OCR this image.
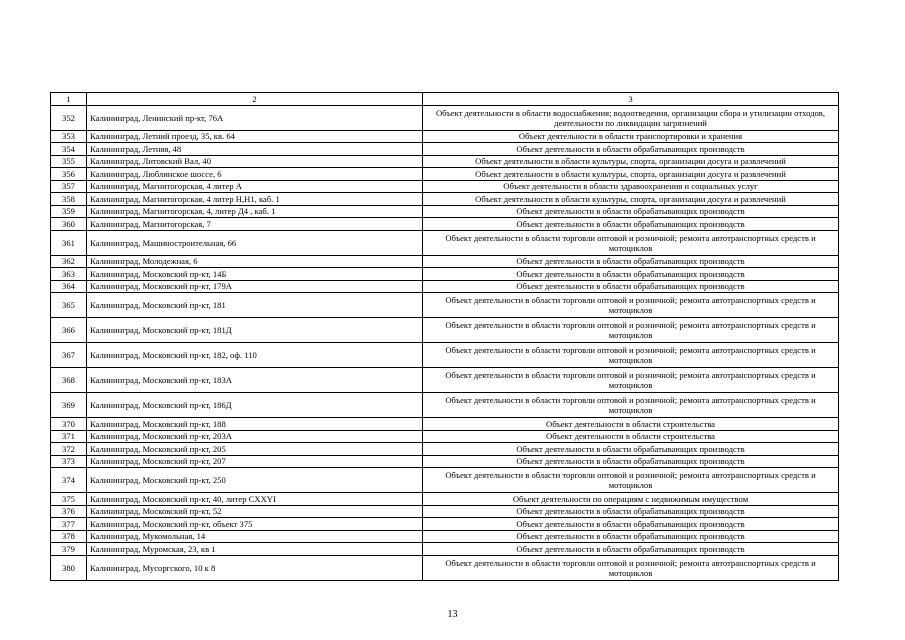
1	2	3
352	Калининград, Ленинский пр-кт, 76А	Объект деятельности в области водоснабжения; водоотведения, организации сбора и утилизации отходов, деятельности по ликвидации загрязнений
353	Калининград, Летний проезд, 35, кв. 64	Объект деятельности в области транспортировки и хранения
354	Калининград, Летняя, 48	Объект деятельности в области обрабатывающих производств
355	Калининград, Литовский Вал, 40	Объект деятельности в области культуры, спорта, организации досуга и развлечений
356	Калининград, Люблинское шоссе, 6	Объект деятельности в области культуры, спорта, организации досуга и развлечений
357	Калининград, Магнитогорская, 4 литер А	Объект деятельности в области здравоохранения и социальных услуг
358	Калининград, Магнитогорская, 4 литер Н,Н1, каб. 1	Объект деятельности в области культуры, спорта, организации досуга и развлечений
359	Калининград, Магнитогорская, 4, литер Д4 , каб. 1	Объект деятельности в области обрабатывающих производств
360	Калининград, Магнитогорская, 7	Объект деятельности в области обрабатывающих производств
361	Калининград, Машиностроительная, 66	Объект деятельности в области торговли оптовой и розничной; ремонта автотранспортных средств и мотоциклов
362	Калининград, Молодежная, 6	Объект деятельности в области обрабатывающих производств
363	Калининград, Московский пр-кт, 14Б	Объект деятельности в области обрабатывающих производств
364	Калининград, Московский пр-кт, 179А	Объект деятельности в области обрабатывающих производств
365	Калининград, Московский пр-кт, 181	Объект деятельности в области торговли оптовой и розничной; ремонта автотранспортных средств и мотоциклов
366	Калининград, Московский пр-кт, 181Д	Объект деятельности в области торговли оптовой и розничной; ремонта автотранспортных средств и мотоциклов
367	Калининград, Московский пр-кт, 182, оф. 110	Объект деятельности в области торговли оптовой и розничной; ремонта автотранспортных средств и мотоциклов
368	Калининград, Московский пр-кт, 183А	Объект деятельности в области торговли оптовой и розничной; ремонта автотранспортных средств и мотоциклов
369	Калининград, Московский пр-кт, 186Д	Объект деятельности в области торговли оптовой и розничной; ремонта автотранспортных средств и мотоциклов
370	Калининград, Московский пр-кт, 188	Объект деятельности в области строительства
371	Калининград, Московский пр-кт, 203А	Объект деятельности в области строительства
372	Калининград, Московский пр-кт, 205	Объект деятельности в области обрабатывающих производств
373	Калининград, Московский пр-кт, 207	Объект деятельности в области обрабатывающих производств
374	Калининград, Московский пр-кт, 250	Объект деятельности в области торговли оптовой и розничной; ремонта автотранспортных средств и мотоциклов
375	Калининград, Московский пр-кт, 40, литер CXXYI	Объект деятельности по операциям с недвижимым имуществом
376	Калининград, Московский пр-кт, 52	Объект деятельности в области обрабатывающих производств
377	Калининград, Московский пр-кт, объект 375	Объект деятельности в области обрабатывающих производств
378	Калининград, Мукомольная, 14	Объект деятельности в области обрабатывающих производств
379	Калининград, Муромская, 23, кв 1	Объект деятельности в области обрабатывающих производств
380	Калининград, Мусоргского, 10 к 8	Объект деятельности в области торговли оптовой и розничной; ремонта автотранспортных средств и мотоциклов
13
